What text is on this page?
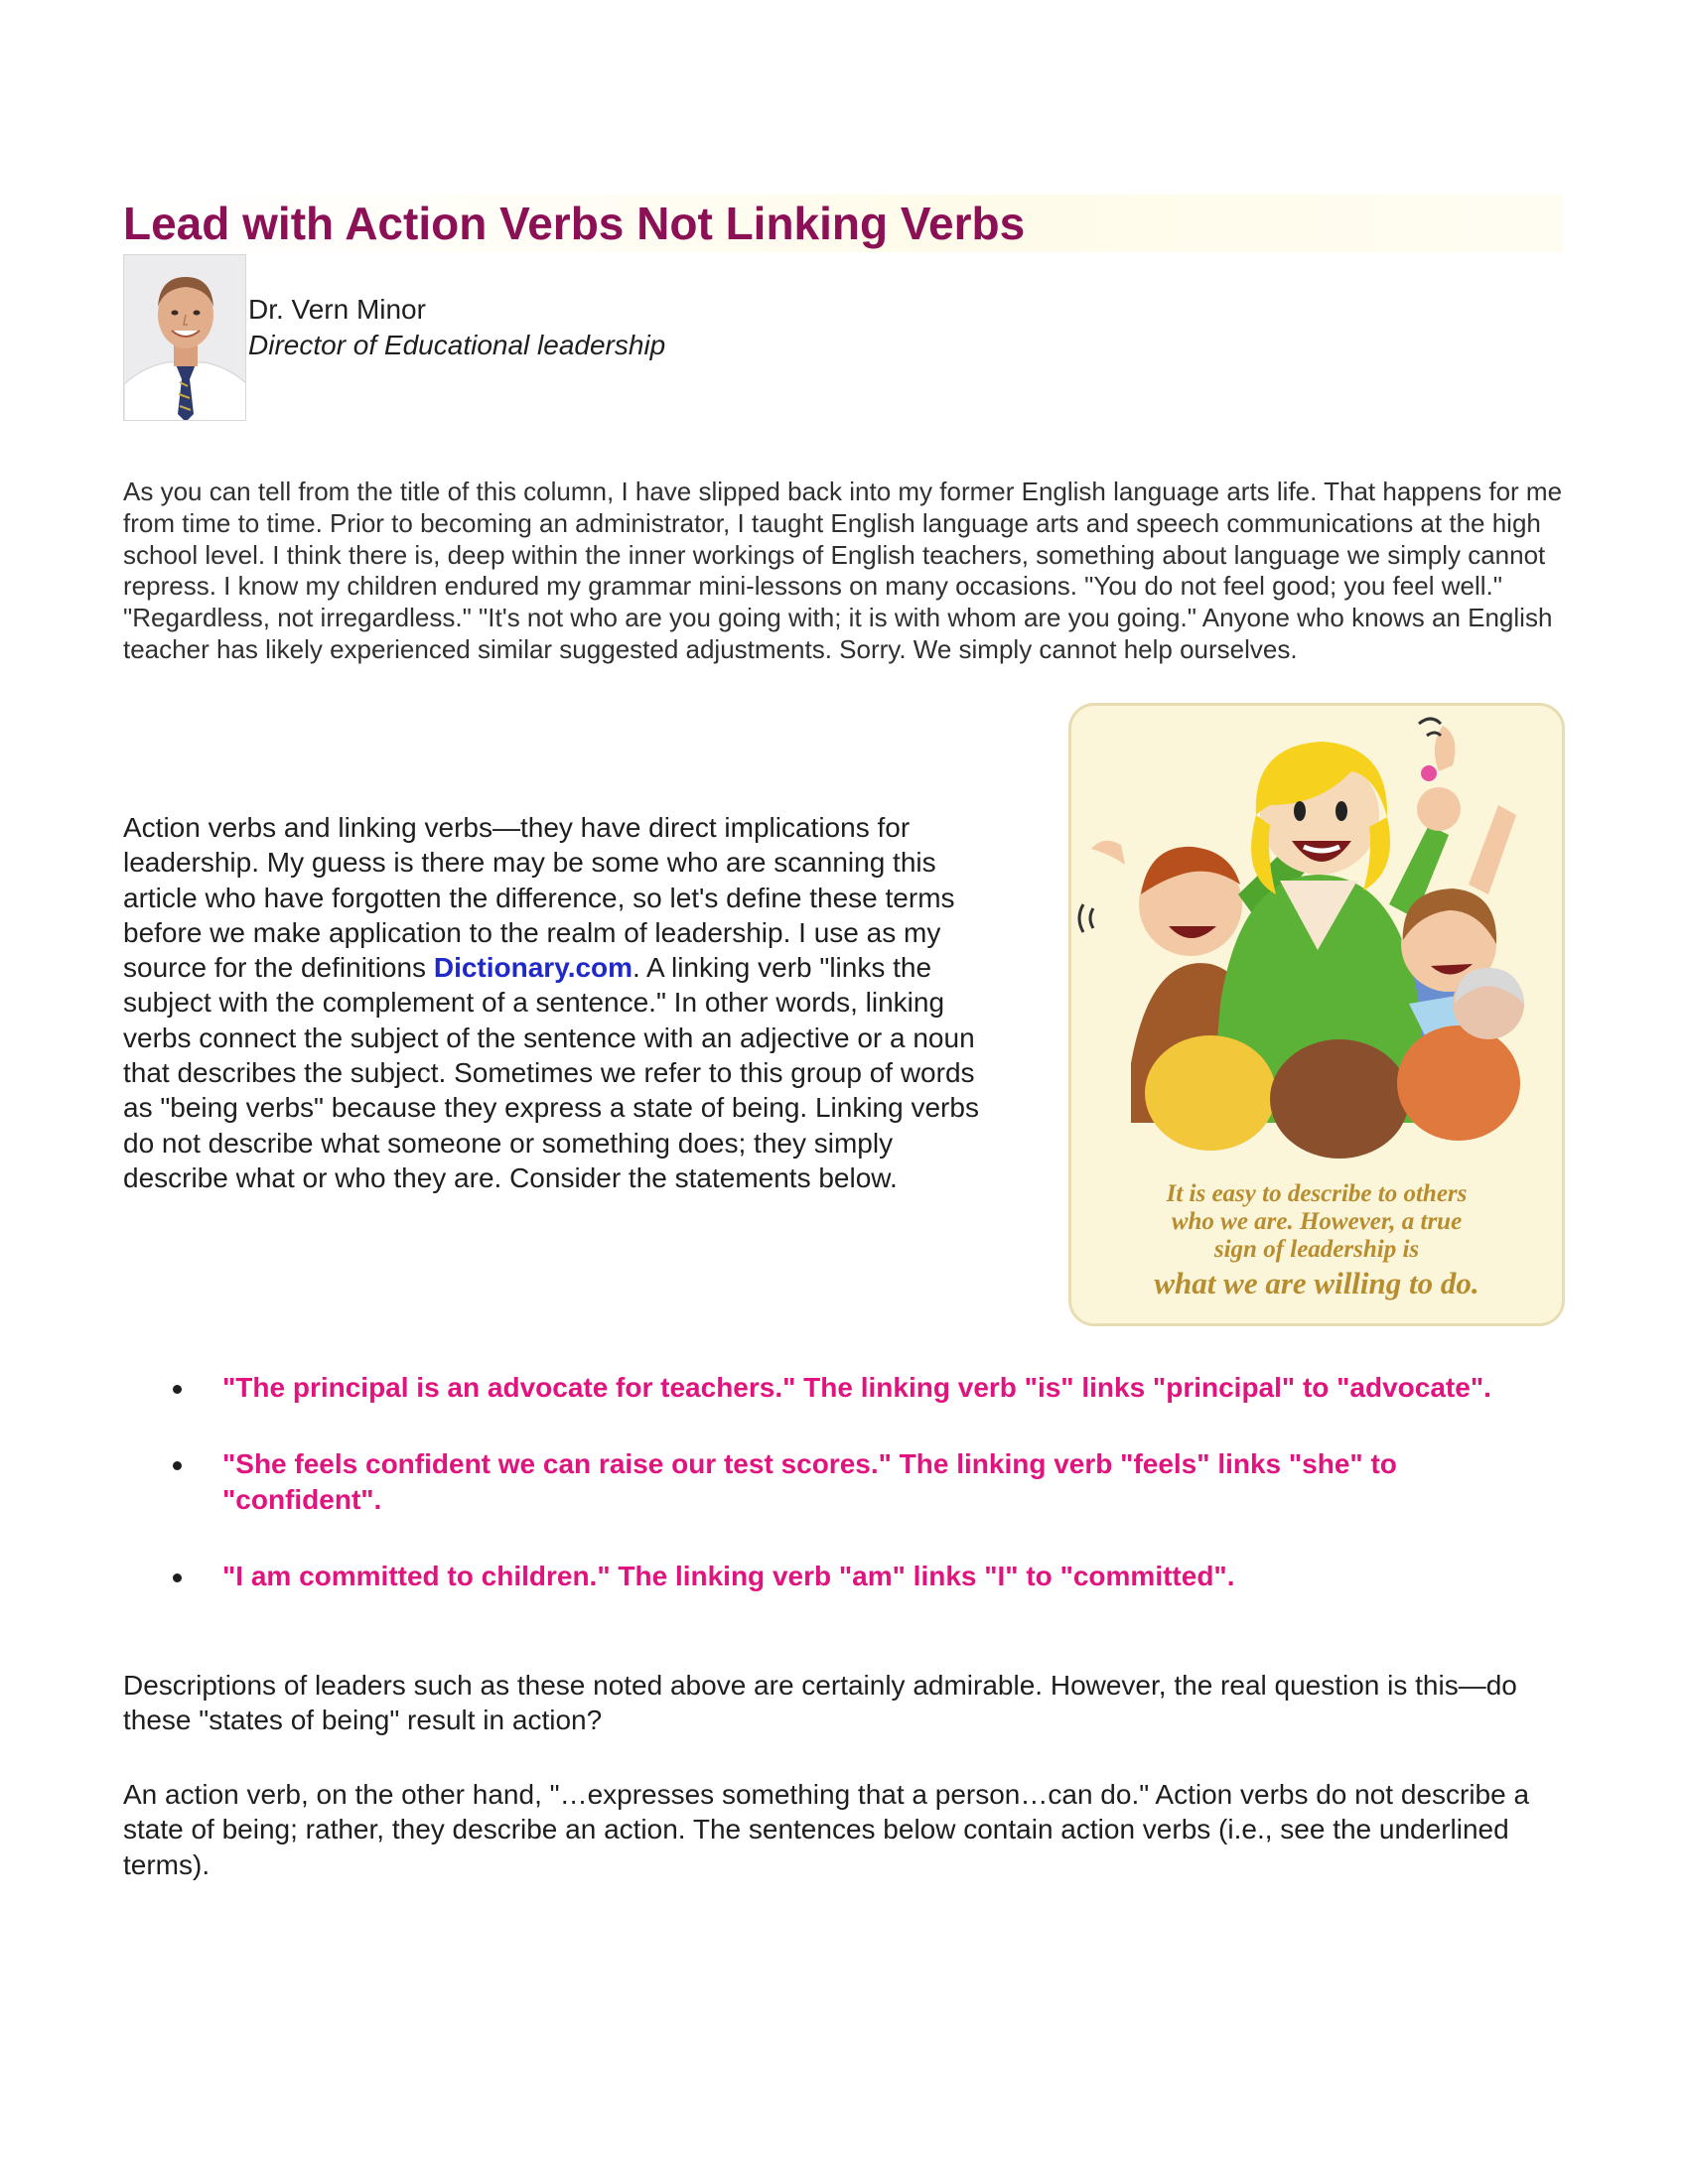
Lead with Action Verbs Not Linking Verbs
Dr. Vern Minor
Director of Educational leadership

As you can tell from the title of this column, I have slipped back into my former English language arts life. That happens for me from time to time. Prior to becoming an administrator, I taught English language arts and speech communications at the high school level. I think there is, deep within the inner workings of English teachers, something about language we simply cannot repress. I know my children endured my grammar mini-lessons on many occasions. "You do not feel good; you feel well." "Regardless, not irregardless." "It's not who are you going with; it is with whom are you going." Anyone who knows an English teacher has likely experienced similar suggested adjustments. Sorry. We simply cannot help ourselves.

Action verbs and linking verbs—they have direct implications for leadership. My guess is there may be some who are scanning this article who have forgotten the difference, so let's define these terms before we make application to the realm of leadership. I use as my source for the definitions Dictionary.com. A linking verb "links the subject with the complement of a sentence." In other words, linking verbs connect the subject of the sentence with an adjective or a noun that describes the subject. Sometimes we refer to this group of words as "being verbs" because they express a state of being. Linking verbs do not describe what someone or something does; they simply describe what or who they are. Consider the statements below.

It is easy to describe to others
who we are. However, a true
sign of leadership is
what we are willing to do.
"The principal is an advocate for teachers." The linking verb "is" links "principal" to "advocate".
"She feels confident we can raise our test scores." The linking verb "feels" links "she" to "confident".
"I am committed to children." The linking verb "am" links "I" to "committed".

Descriptions of leaders such as these noted above are certainly admirable. However, the real question is this—do these "states of being" result in action?

An action verb, on the other hand, "…expresses something that a person…can do." Action verbs do not describe a state of being; rather, they describe an action. The sentences below contain action verbs (i.e., see the underlined terms).
